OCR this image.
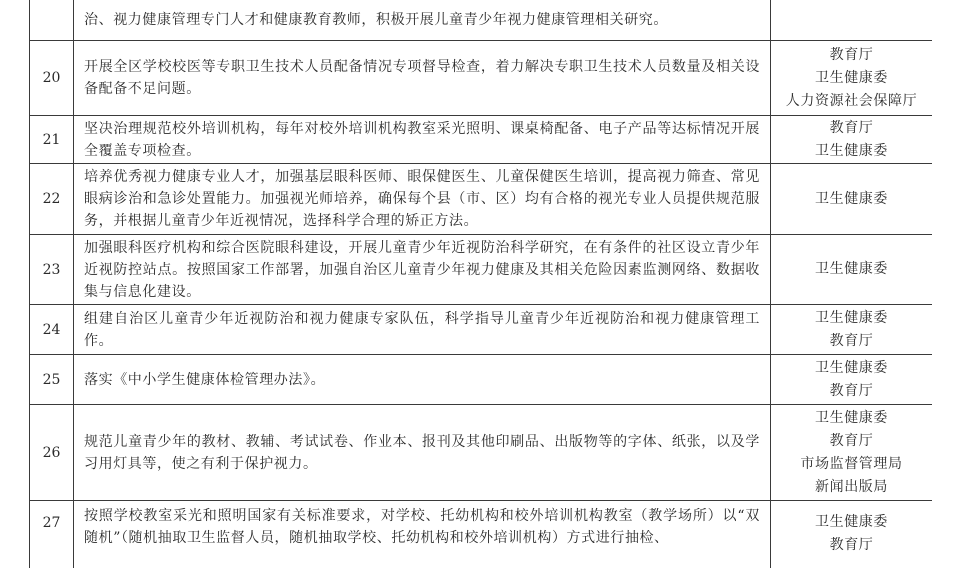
	治、视力健康管理专门人才和健康教育教师，积极开展儿童青少年视力健康管理相关研究。	
20	开展全区学校校医等专职卫生技术人员配备情况专项督导检查，着力解决专职卫生技术人员数量及相关设备配备不足问题。	教育厅
卫生健康委
人力资源社会保障厅

21	坚决治理规范校外培训机构，每年对校外培训机构教室采光照明、课桌椅配备、电子产品等达标情况开展全覆盖专项检查。	教育厅
卫生健康委

22	培养优秀视力健康专业人才，加强基层眼科医师、眼保健医生、儿童保健医生培训，提高视力筛查、常见眼病诊治和急诊处置能力。加强视光师培养，确保每个县（市、区）均有合格的视光专业人员提供规范服务，并根据儿童青少年近视情况，选择科学合理的矫正方法。	卫生健康委

23	加强眼科医疗机构和综合医院眼科建设，开展儿童青少年近视防治科学研究，在有条件的社区设立青少年近视防控站点。按照国家工作部署，加强自治区儿童青少年视力健康及其相关危险因素监测网络、数据收集与信息化建设。	卫生健康委

24	组建自治区儿童青少年近视防治和视力健康专家队伍，科学指导儿童青少年近视防治和视力健康管理工作。	卫生健康委
教育厅

25	落实《中小学生健康体检管理办法》。	卫生健康委
教育厅

26	规范儿童青少年的教材、教辅、考试试卷、作业本、报刊及其他印刷品、出版物等的字体、纸张，以及学习用灯具等，使之有利于保护视力。	卫生健康委
教育厅
市场监督管理局
新闻出版局

27	按照学校教室采光和照明国家有关标准要求，对学校、托幼机构和校外培训机构教室（教学场所）以“双随机”（随机抽取卫生监督人员，随机抽取学校、托幼机构和校外培训机构）方式进行抽检、	卫生健康委
教育厅
